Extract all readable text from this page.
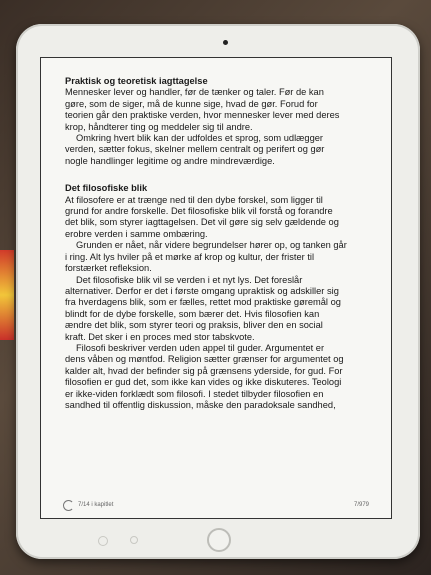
Praktisk og teoretisk iagttagelse

Mennesker lever og handler, før de tænker og taler. Før de kan
gøre, som de siger, må de kunne sige, hvad de gør. Forud for
teorien går den praktiske verden, hvor mennesker lever med deres
krop, håndterer ting og meddeler sig til andre.

Omkring hvert blik kan der udfoldes et sprog, som udlægger
verden, sætter fokus, skelner mellem centralt og perifert og gør
nogle handlinger legitime og andre mindreværdige.

Det filosofiske blik

At filosofere er at trænge ned til den dybe forskel, som ligger til
grund for andre forskelle. Det filosofiske blik vil forstå og forandre
det blik, som styrer iagttagelsen. Det vil gøre sig selv gældende og
erobre verden i samme ombæring.

Grunden er nået, når videre begrundelser hører op, og tanken går
i ring. Alt lys hviler på et mørke af krop og kultur, der frister til
forstærket refleksion.

Det filosofiske blik vil se verden i et nyt lys. Det foreslår
alternativer. Derfor er det i første omgang upraktisk og adskiller sig
fra hverdagens blik, som er fælles, rettet mod praktiske gøremål og
blindt for de dybe forskelle, som bærer det. Hvis filosofien kan
ændre det blik, som styrer teori og praksis, bliver den en social
kraft. Det sker i en proces med stor tabskvote.

Filosofi beskriver verden uden appel til guder. Argumentet er
dens våben og møntfod. Religion sætter grænser for argumentet og
kalder alt, hvad der befinder sig på grænsens yderside, for gud. For
filosofien er gud det, som ikke kan vides og ikke diskuteres. Teologi
er ikke-viden forklædt som filosofi. I stedet tilbyder filosofien en
sandhed til offentlig diskussion, måske den paradoksale sandhed,

7/14 i kapitlet	7/979
